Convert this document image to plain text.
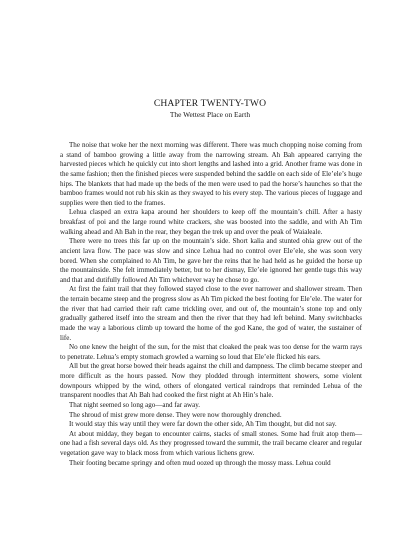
CHAPTER TWENTY-TWO
The Wettest Place on Earth

The noise that woke her the next morning was different. There was much chopping noise coming from a stand of bamboo growing a little away from the narrowing stream. Ah Bah appeared carrying the harvested pieces which he quickly cut into short lengths and lashed into a grid. Another frame was done in the same fashion; then the finished pieces were suspended behind the saddle on each side of Ele’ele’s huge hips. The blankets that had made up the beds of the men were used to pad the horse’s haunches so that the bamboo frames would not rub his skin as they swayed to his every step. The various pieces of luggage and supplies were then tied to the frames.

Lehua clasped an extra kapa around her shoulders to keep off the mountain’s chill. After a hasty breakfast of poi and the large round white crackers, she was boosted into the saddle, and with Ah Tim walking ahead and Ah Bah in the rear, they began the trek up and over the peak of Waialeale.

There were no trees this far up on the mountain’s side. Short kalia and stunted ohia grew out of the ancient lava flow. The pace was slow and since Lehua had no control over Ele’ele, she was soon very bored. When she complained to Ah Tim, he gave her the reins that he had held as he guided the horse up the mountainside. She felt immediately better, but to her dismay, Ele’ele ignored her gentle tugs this way and that and dutifully followed Ah Tim whichever way he chose to go.

At first the faint trail that they followed stayed close to the ever narrower and shallower stream. Then the terrain became steep and the progress slow as Ah Tim picked the best footing for Ele’ele. The water for the river that had carried their raft came trickling over, and out of, the mountain’s stone top and only gradually gathered itself into the stream and then the river that they had left behind. Many switchbacks made the way a laborious climb up toward the home of the god Kane, the god of water, the sustainer of life.

No one knew the height of the sun, for the mist that cloaked the peak was too dense for the warm rays to penetrate. Lehua’s empty stomach growled a warning so loud that Ele’ele flicked his ears.

All but the great horse bowed their heads against the chill and dampness. The climb became steeper and more difficult as the hours passed. Now they plodded through intermittent showers, some violent downpours whipped by the wind, others of elongated vertical raindrops that reminded Lehua of the transparent noodles that Ah Bah had cooked the first night at Ah Hin’s hale.

That night seemed so long ago—and far away.

The shroud of mist grew more dense. They were now thoroughly drenched.

It would stay this way until they were far down the other side, Ah Tim thought, but did not say.

At about midday, they began to encounter cairns, stacks of small stones. Some had fruit atop them—one had a fish several days old. As they progressed toward the summit, the trail became clearer and regular vegetation gave way to black moss from which various lichens grew.

Their footing became springy and often mud oozed up through the mossy mass. Lehua could
